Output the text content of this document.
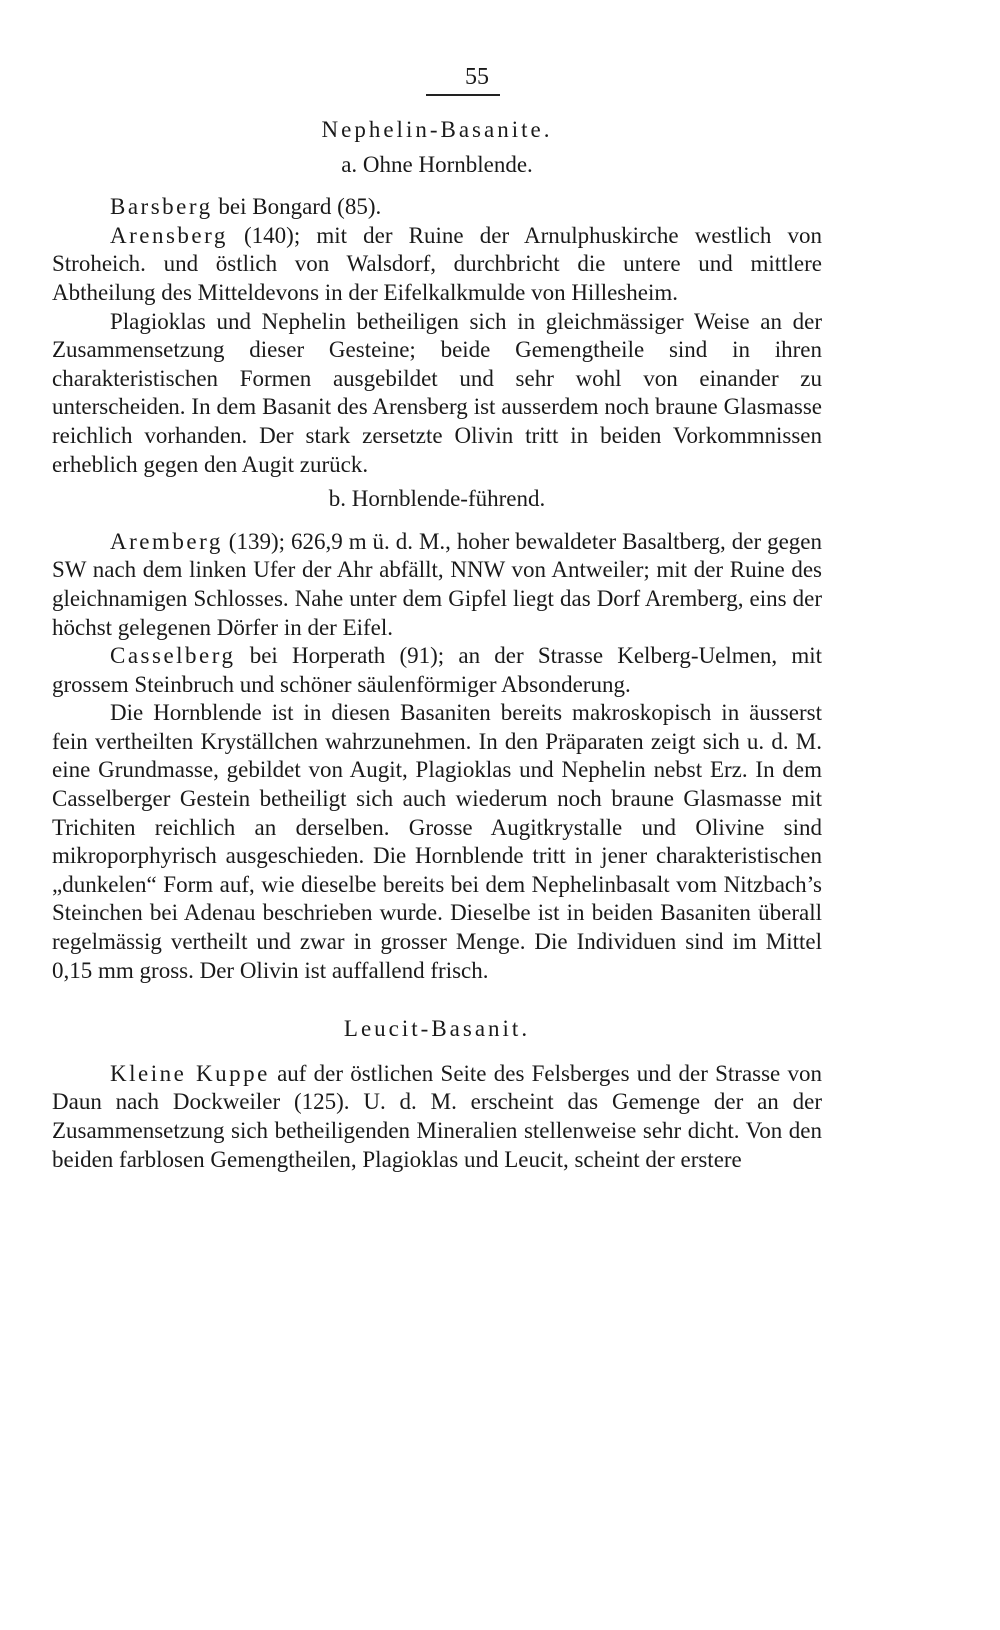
55
Nephelin-Basanite.
a. Ohne Hornblende.

Barsberg bei Bongard (85).

Arensberg (140); mit der Ruine der Arnulphuskirche westlich von Stroheich. und östlich von Walsdorf, durchbricht die untere und mittlere Abtheilung des Mitteldevons in der Eifelkalkmulde von Hillesheim.

Plagioklas und Nephelin betheiligen sich in gleichmässiger Weise an der Zusammensetzung dieser Gesteine; beide Gemengtheile sind in ihren charakteristischen Formen ausgebildet und sehr wohl von einander zu unterscheiden. In dem Basanit des Arensberg ist ausserdem noch braune Glasmasse reichlich vorhanden. Der stark zersetzte Olivin tritt in beiden Vorkommnissen erheblich gegen den Augit zurück.

b. Hornblende-führend.

Aremberg (139); 626,9 m ü. d. M., hoher bewaldeter Basaltberg, der gegen SW nach dem linken Ufer der Ahr abfällt, NNW von Antweiler; mit der Ruine des gleichnamigen Schlosses. Nahe unter dem Gipfel liegt das Dorf Aremberg, eins der höchst gelegenen Dörfer in der Eifel.

Casselberg bei Horperath (91); an der Strasse Kelberg-Uelmen, mit grossem Steinbruch und schöner säulenförmiger Absonderung.

Die Hornblende ist in diesen Basaniten bereits makroskopisch in äusserst fein vertheilten Kryställchen wahrzunehmen. In den Präparaten zeigt sich u. d. M. eine Grundmasse, gebildet von Augit, Plagioklas und Nephelin nebst Erz. In dem Casselberger Gestein betheiligt sich auch wiederum noch braune Glasmasse mit Trichiten reichlich an derselben. Grosse Augitkrystalle und Olivine sind mikroporphyrisch ausgeschieden. Die Hornblende tritt in jener charakteristischen „dunkelen“ Form auf, wie dieselbe bereits bei dem Nephelinbasalt vom Nitzbach’s Steinchen bei Adenau beschrieben wurde. Dieselbe ist in beiden Basaniten überall regelmässig vertheilt und zwar in grosser Menge. Die Individuen sind im Mittel 0,15 mm gross. Der Olivin ist auffallend frisch.

Leucit-Basanit.

Kleine Kuppe auf der östlichen Seite des Felsberges und der Strasse von Daun nach Dockweiler (125). U. d. M. erscheint das Gemenge der an der Zusammensetzung sich betheiligenden Mineralien stellenweise sehr dicht. Von den beiden farblosen Gemengtheilen, Plagioklas und Leucit, scheint der erstere
